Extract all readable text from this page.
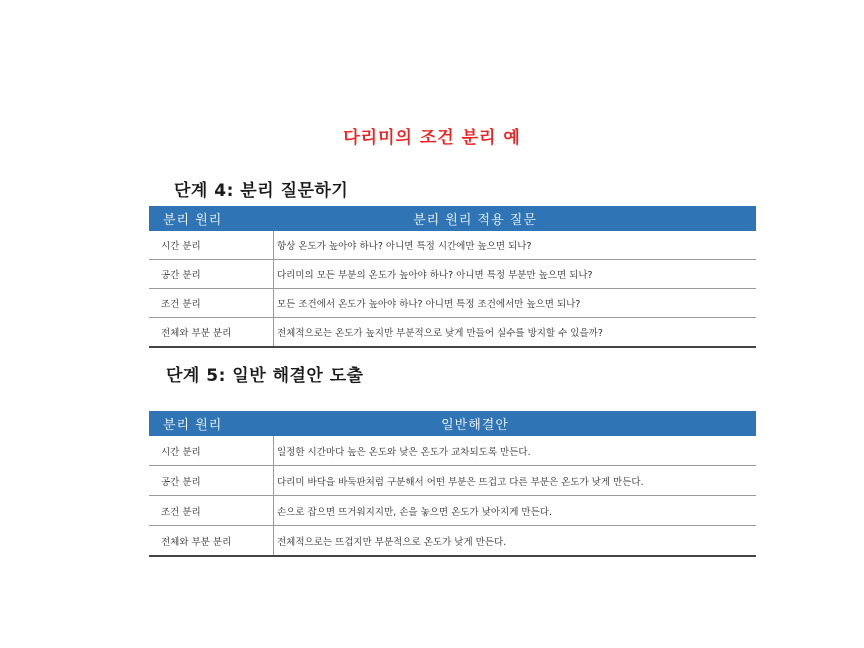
다리미의 조건 분리 예
단계 4: 분리 질문하기
분리 원리	분리 원리 적용 질문
시간 분리	항상 온도가 높아야 하나? 아니면 특정 시간에만 높으면 되나?
공간 분리	다리미의 모든 부분의 온도가 높아야 하나? 아니면 특정 부분만 높으면 되나?
조건 분리	모든 조건에서 온도가 높아야 하나? 아니면 특정 조건에서만 높으면 되나?
전체와 부분 분리	전체적으로는 온도가 높지만 부분적으로 낮게 만들어 실수를 방지할 수 있을까?
단계 5: 일반 해결안 도출
분리 원리	일반해결안
시간 분리	일정한 시간마다 높은 온도와 낮은 온도가 교차되도록 만든다.
공간 분리	다리미 바닥을 바둑판처럼 구분해서 어떤 부분은 뜨겁고 다른 부분은 온도가 낮게 만든다.
조건 분리	손으로 잡으면 뜨거워지지만, 손을 놓으면 온도가 낮아지게 만든다.
전체와 부분 분리	전체적으로는 뜨겁지만 부분적으로 온도가 낮게 만든다.
